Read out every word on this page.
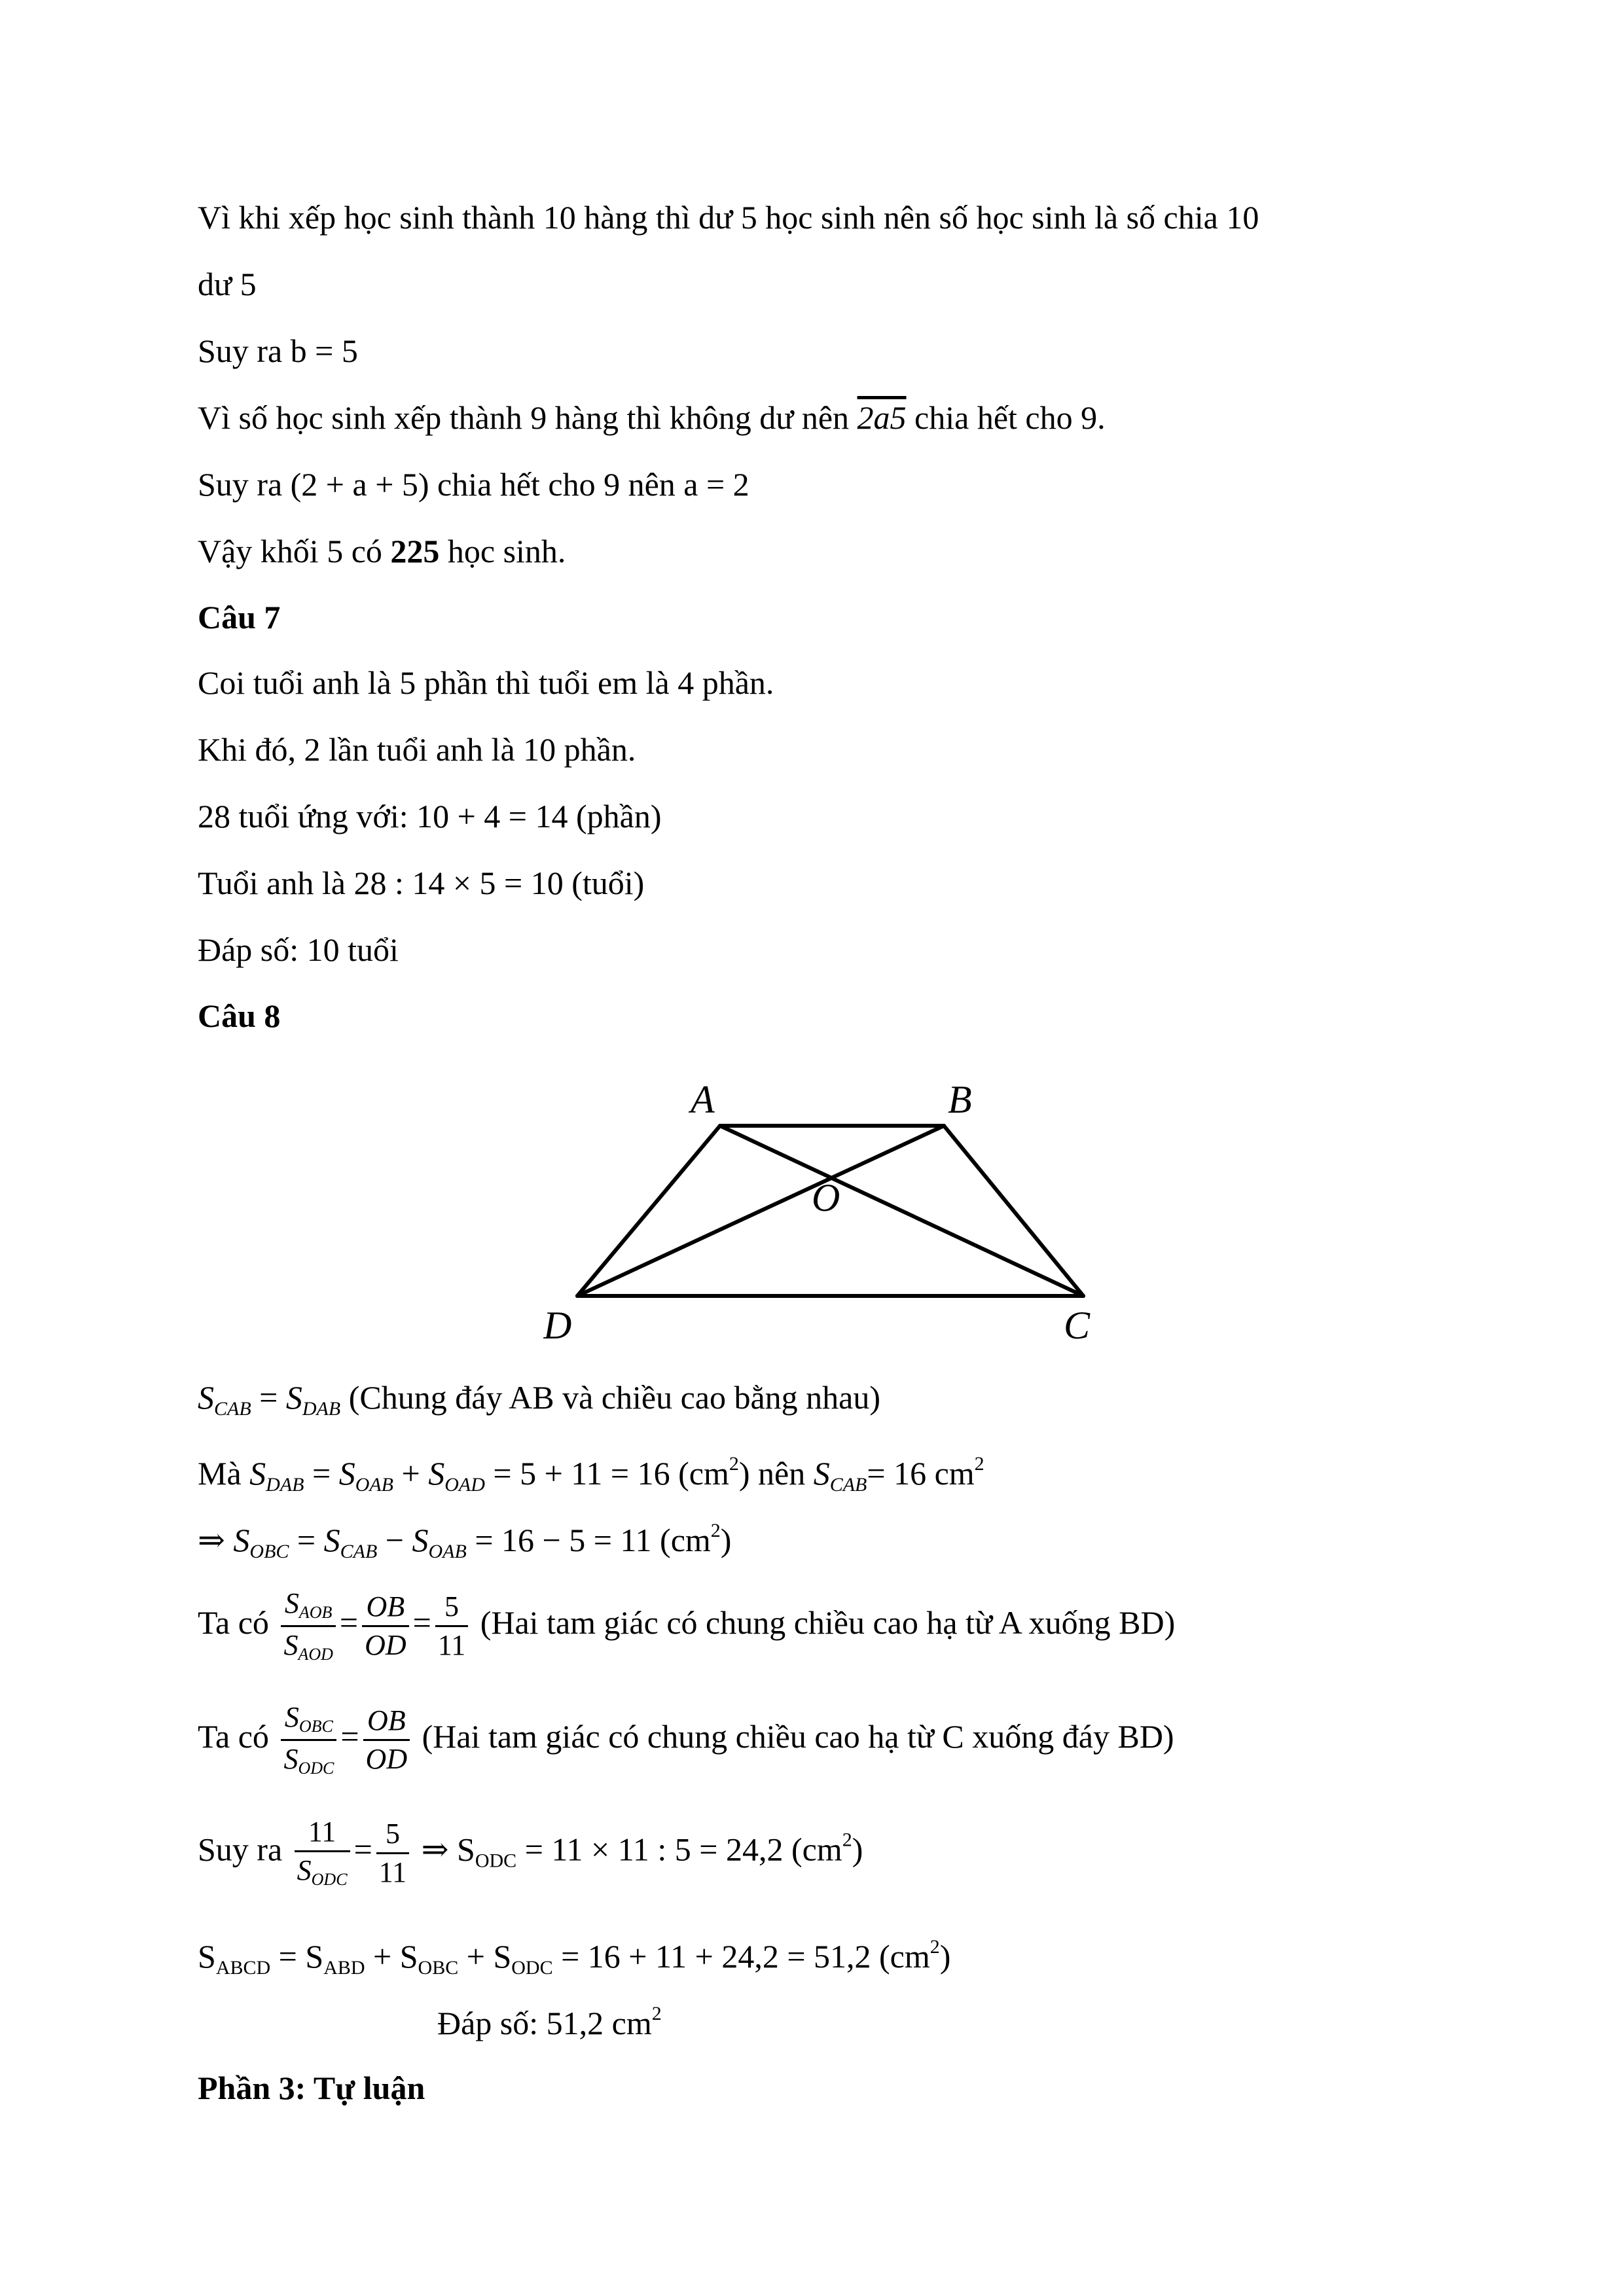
Vì khi xếp học sinh thành 10 hàng thì dư 5 học sinh nên số học sinh là số chia 10
dư 5
Suy ra b = 5
Vì số học sinh xếp thành 9 hàng thì không dư nên 2a5 chia hết cho 9.
Suy ra (2 + a + 5) chia hết cho 9 nên a = 2
Vậy khối 5 có 225 học sinh.
Câu 7
Coi tuổi anh là 5 phần thì tuổi em là 4 phần.
Khi đó, 2 lần tuổi anh là 10 phần.
28 tuổi ứng với: 10 + 4 = 14 (phần)
Tuổi anh là 28 : 14 × 5 = 10 (tuổi)
Đáp số: 10 tuổi
Câu 8
A	B
O
D	C
$S_{CAB} = S_{DAB}$ (Chung đáy AB và chiều cao bằng nhau)
Mà $S_{DAB} = S_{OAB} + S_{OAD} = 5 + 11 = 16$ $(cm^2)$ nên $S_{CAB}= 16$ $cm^2$
⇒ $S_{OBC} = S_{CAB} - S_{OAB} = 16 - 5 = 11$ $(cm^2)$
Ta có $\frac{S_{AOB}}{S_{AOD}} = \frac{OB}{OD} = \frac{5}{11} (Hai$ tam giác có chung chiều cao hạ từ A xuống BD)
Ta có $\frac{S_{OBC}}{S_{ODC}} = \frac{OB}{OD} (Hai$ tam giác có chung chiều cao hạ từ C xuống đáy BD)
Suy ra $\frac{11}{S_{ODC}} = \frac{5}{11}$ ⇒ $S_{ODC} = 11 \times 11$ : 5 = 24,2 $(cm^2)$
$S_{ABCD} = S_{ABD} + S_{OBC} + S_{ODC} = 16 + 11 + 24,2 = 51,2$ $(cm^2)$
Đáp số: 51,2 $cm^2$
Phần 3: Tự luận
